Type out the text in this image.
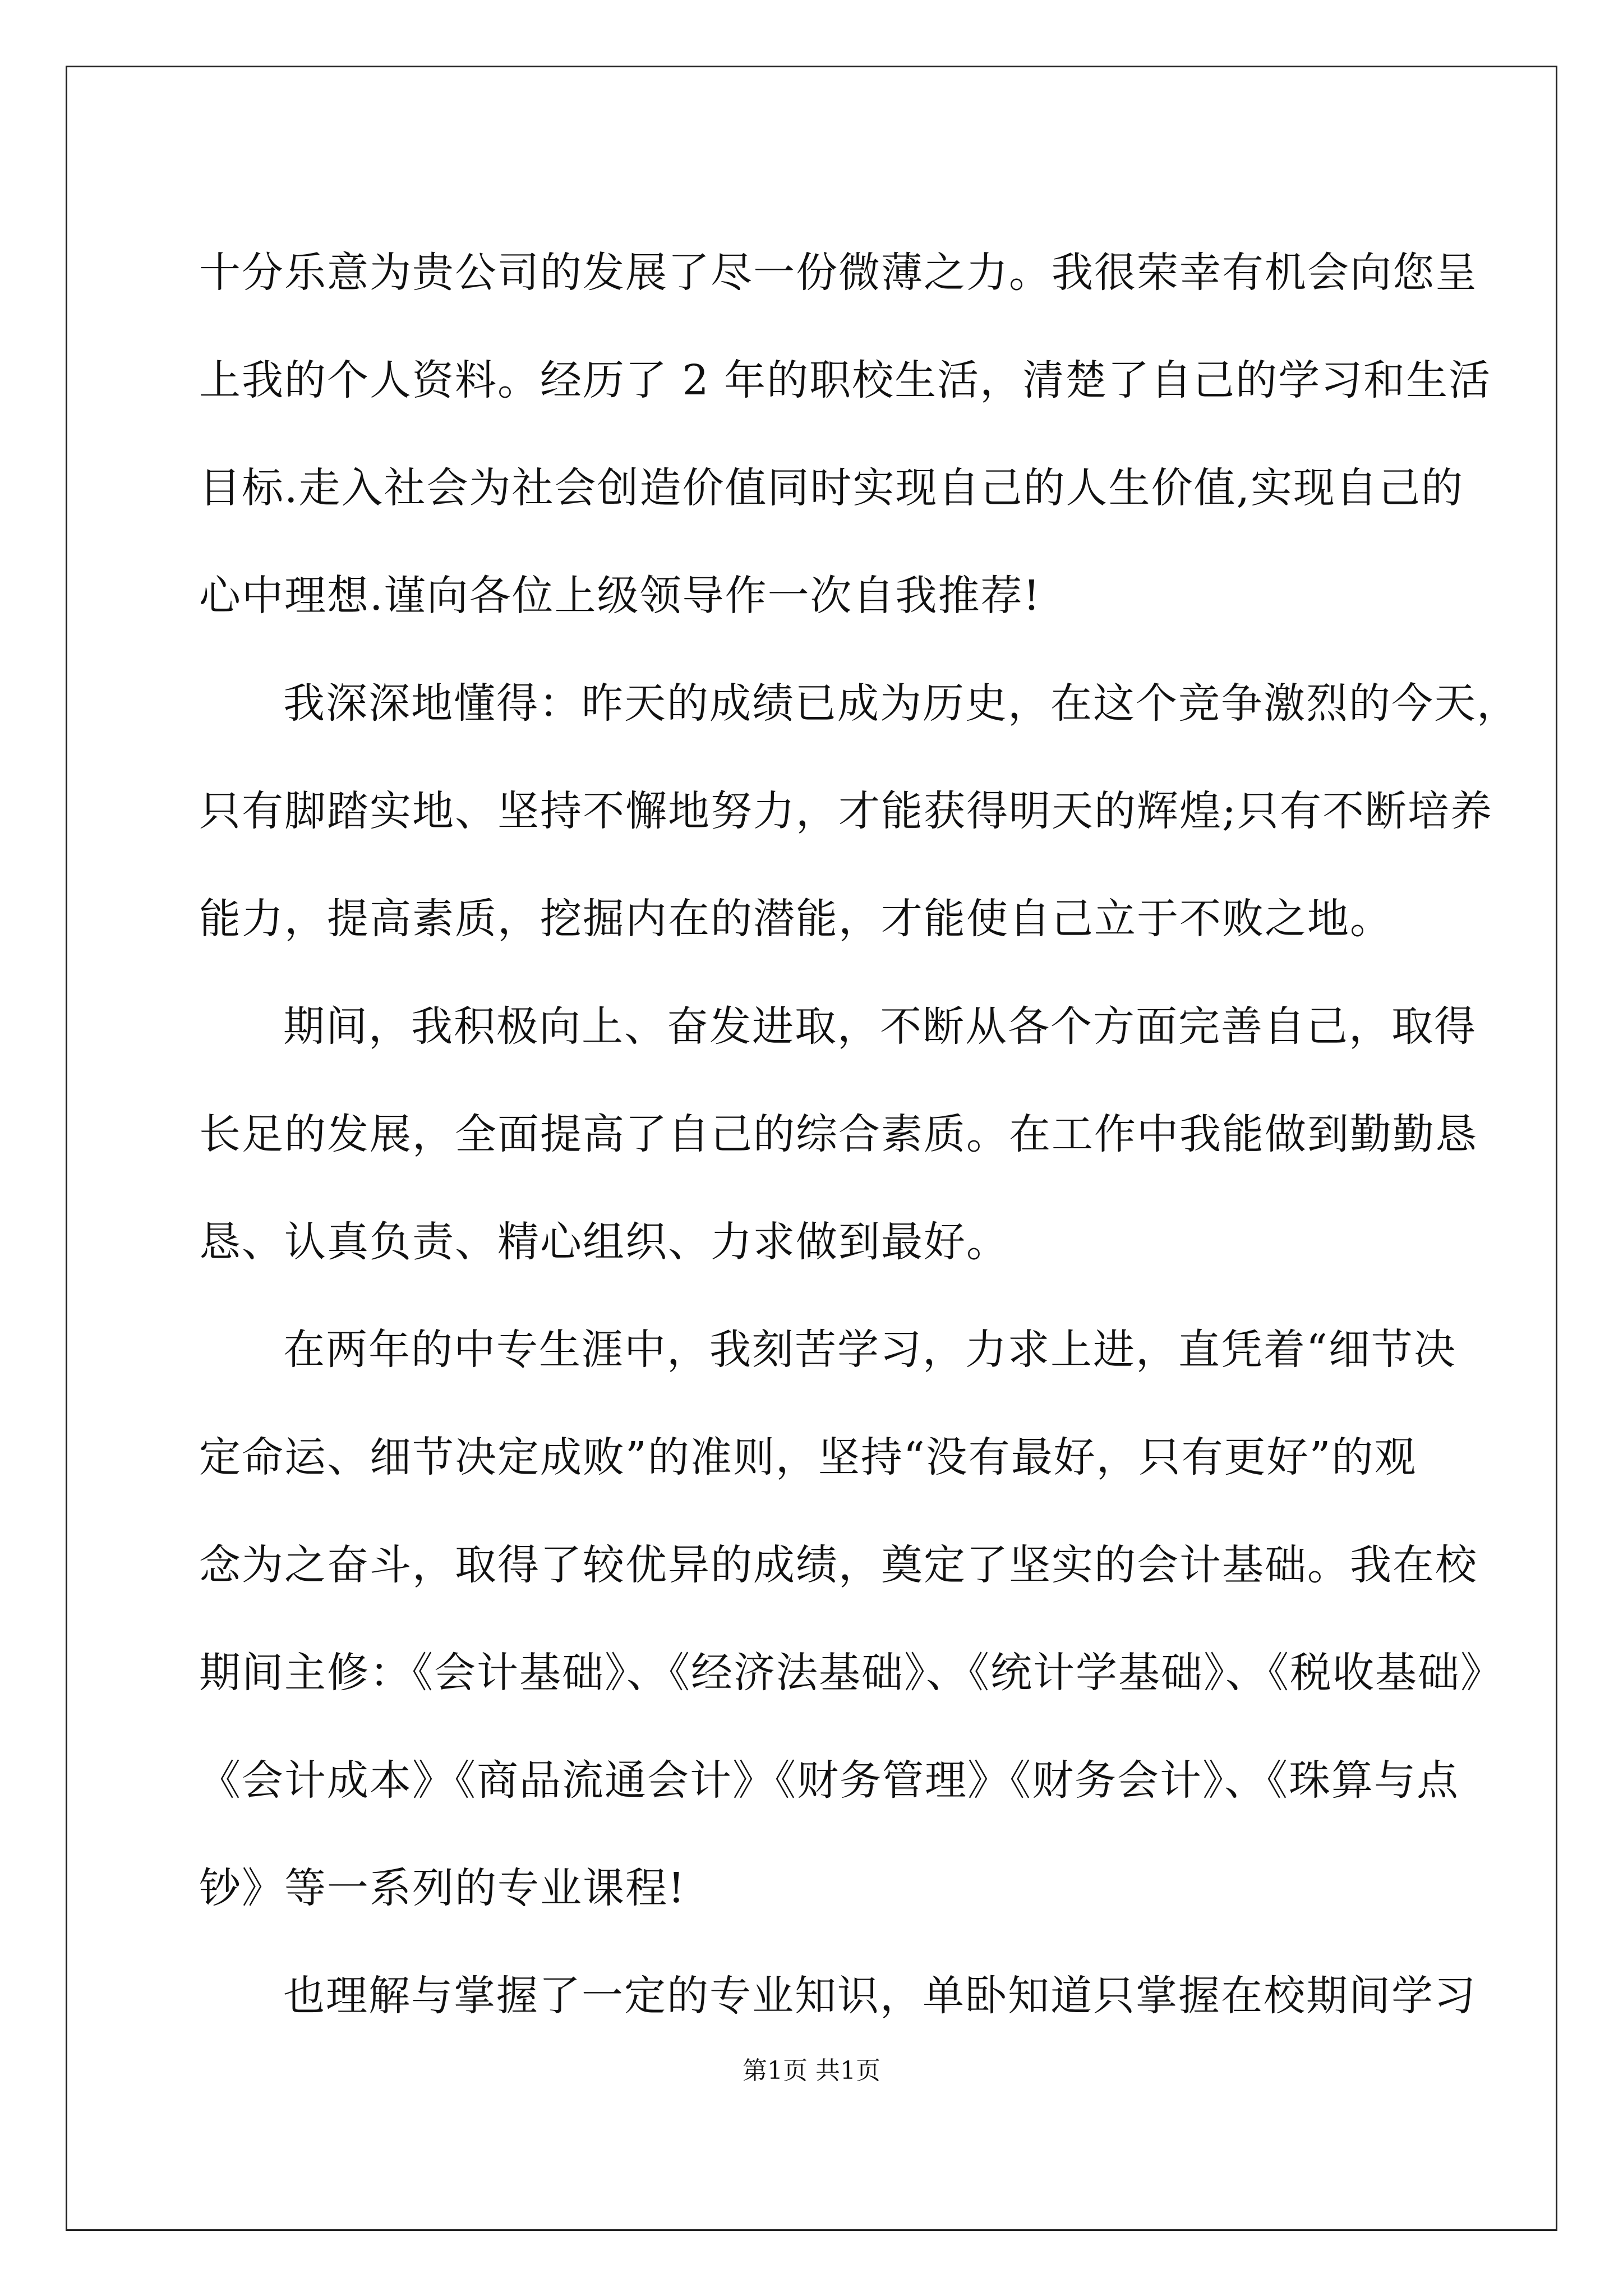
十分乐意为贵公司的发展了尽一份微薄之力。我很荣幸有机会向您呈
上我的个人资料。经历了 2 年的职校生活，清楚了自己的学习和生活
目标.走入社会为社会创造价值同时实现自己的人生价值,实现自己的
心中理想.谨向各位上级领导作一次自我推荐!
我深深地懂得：昨天的成绩已成为历史，在这个竞争激烈的今天，
只有脚踏实地、坚持不懈地努力，才能获得明天的辉煌;只有不断培养
能力，提高素质，挖掘内在的潜能，才能使自己立于不败之地。
期间，我积极向上、奋发进取，不断从各个方面完善自己，取得
长足的发展，全面提高了自己的综合素质。在工作中我能做到勤勤恳
恳、认真负责、精心组织、力求做到最好。
在两年的中专生涯中，我刻苦学习，力求上进，直凭着“细节决
定命运、细节决定成败”的准则，坚持“没有最好，只有更好”的观
念为之奋斗，取得了较优异的成绩，奠定了坚实的会计基础。我在校
期间主修：《会计基础》、《经济法基础》、《统计学基础》、《税收基础》
《会计成本》《商品流通会计》《财务管理》《财务会计》、《珠算与点
钞》等一系列的专业课程!
也理解与掌握了一定的专业知识，单卧知道只掌握在校期间学习
第1页 共1页
